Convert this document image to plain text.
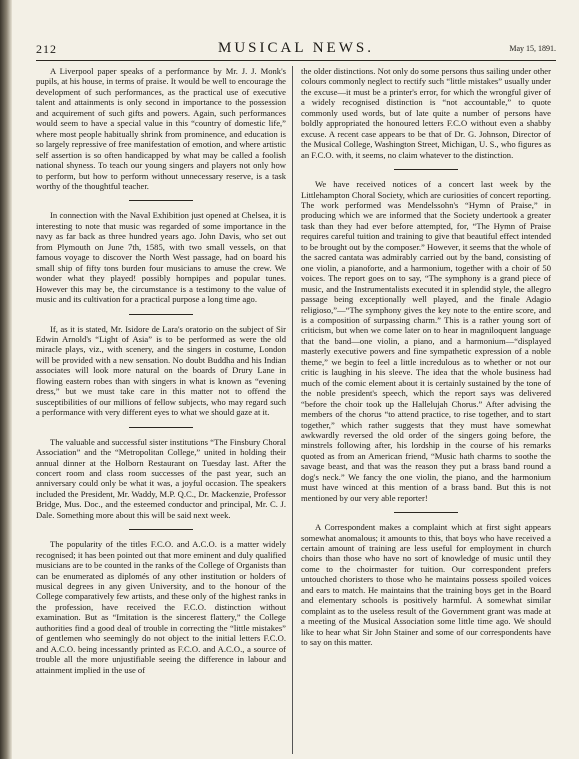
212	MUSICAL NEWS.	May 15, 1891.

A Liverpool paper speaks of a performance by Mr. J. J. Monk's pupils, at his house, in terms of praise. It would be well to encourage the development of such performances, as the practical use of executive talent and attainments is only second in importance to the possession and acquirement of such gifts and powers. Again, such performances would seem to have a special value in this “country of domestic life,” where most people habitually shrink from prominence, and education is so largely repressive of free manifestation of emotion, and where artistic self assertion is so often handicapped by what may be called a foolish national shyness. To teach our young singers and players not only how to perform, but how to perform without unnecessary reserve, is a task worthy of the thoughtful teacher.

In connection with the Naval Exhibition just opened at Chelsea, it is interesting to note that music was regarded of some importance in the navy as far back as three hundred years ago. John Davis, who set out from Plymouth on June 7th, 1585, with two small vessels, on that famous voyage to discover the North West passage, had on board his small ship of fifty tons burden four musicians to amuse the crew. We wonder what they played! possibly hornpipes and popular tunes. However this may be, the circumstance is a testimony to the value of music and its cultivation for a practical purpose a long time ago.

If, as it is stated, Mr. Isidore de Lara's oratorio on the subject of Sir Edwin Arnold's “Light of Asia” is to be performed as were the old miracle plays, viz., with scenery, and the singers in costume, London will be provided with a new sensation. No doubt Buddha and his Indian associates will look more natural on the boards of Drury Lane in flowing eastern robes than with singers in what is known as “evening dress,” but we must take care in this matter not to offend the susceptibilities of our millions of fellow subjects, who may regard such a performance with very different eyes to what we should gaze at it.

The valuable and successful sister institutions “The Finsbury Choral Association” and the “Metropolitan College,” united in holding their annual dinner at the Holborn Restaurant on Tuesday last. After the concert room and class room successes of the past year, such an anniversary could only be what it was, a joyful occasion. The speakers included the President, Mr. Waddy, M.P. Q.C., Dr. Mackenzie, Professor Bridge, Mus. Doc., and the esteemed conductor and principal, Mr. C. J. Dale. Something more about this will be said next week.

The popularity of the titles F.C.O. and A.C.O. is a matter widely recognised; it has been pointed out that more eminent and duly qualified musicians are to be counted in the ranks of the College of Organists than can be enumerated as diplomés of any other institution or holders of musical degrees in any given University, and to the honour of the College comparatively few artists, and these only of the highest ranks in the profession, have received the F.C.O. distinction without examination. But as “Imitation is the sincerest flattery,” the College authorities find a good deal of trouble in correcting the “little mistakes” of gentlemen who seemingly do not object to the initial letters F.C.O. and A.C.O. being incessantly printed as F.C.O. and A.C.O., a source of trouble all the more unjustifiable seeing the difference in labour and attainment implied in the use of

the older distinctions. Not only do some persons thus sailing under other colours commonly neglect to rectify such “little mistakes” usually under the excuse—it must be a printer's error, for which the wrongful giver of a widely recognised distinction is “not accountable,” to quote commonly used words, but of late quite a number of persons have boldly appropriated the honoured letters F.C.O without even a shabby excuse. A recent case appears to be that of Dr. G. Johnson, Director of the Musical College, Washington Street, Michigan, U. S., who figures as an F.C.O. with, it seems, no claim whatever to the distinction.

We have received notices of a concert last week by the Littlehampton Choral Society, which are curiosities of concert reporting. The work performed was Mendelssohn's “Hymn of Praise,” in producing which we are informed that the Society undertook a greater task than they had ever before attempted, for, “The Hymn of Praise requires careful tuition and training to give that beautiful effect intended to be brought out by the composer.” However, it seems that the whole of the sacred cantata was admirably carried out by the band, consisting of one violin, a pianoforte, and a harmonium, together with a choir of 50 voices. The report goes on to say, “The symphony is a grand piece of music, and the Instrumentalists executed it in splendid style, the allegro passage being exceptionally well played, and the finale Adagio religioso,”—“The symphony gives the key note to the entire score, and is a composition of surpassing charm.” This is a rather young sort of criticism, but when we come later on to hear in magniloquent language that the band—one violin, a piano, and a harmonium—“displayed masterly executive powers and fine sympathetic expression of a noble theme,” we begin to feel a little incredulous as to whether or not our critic is laughing in his sleeve. The idea that the whole business had much of the comic element about it is certainly sustained by the tone of the noble president's speech, which the report says was delivered “before the choir took up the Hallelujah Chorus.” After advising the members of the chorus “to attend practice, to rise together, and to start together,” which rather suggests that they must have somewhat awkwardly reversed the old order of the singers going before, the minstrels following after, his lordship in the course of his remarks quoted as from an American friend, “Music hath charms to soothe the savage beast, and that was the reason they put a brass band round a dog's neck.” We fancy the one violin, the piano, and the harmonium must have winced at this mention of a brass band. But this is not mentioned by our very able reporter!

A Correspondent makes a complaint which at first sight appears somewhat anomalous; it amounts to this, that boys who have received a certain amount of training are less useful for employment in church choirs than those who have no sort of knowledge of music until they come to the choirmaster for tuition. Our correspondent prefers untouched choristers to those who he maintains possess spoiled voices and ears to match. He maintains that the training boys get in the Board and elementary schools is positively harmful. A somewhat similar complaint as to the useless result of the Government grant was made at a meeting of the Musical Association some little time ago. We should like to hear what Sir John Stainer and some of our correspondents have to say on this matter.
